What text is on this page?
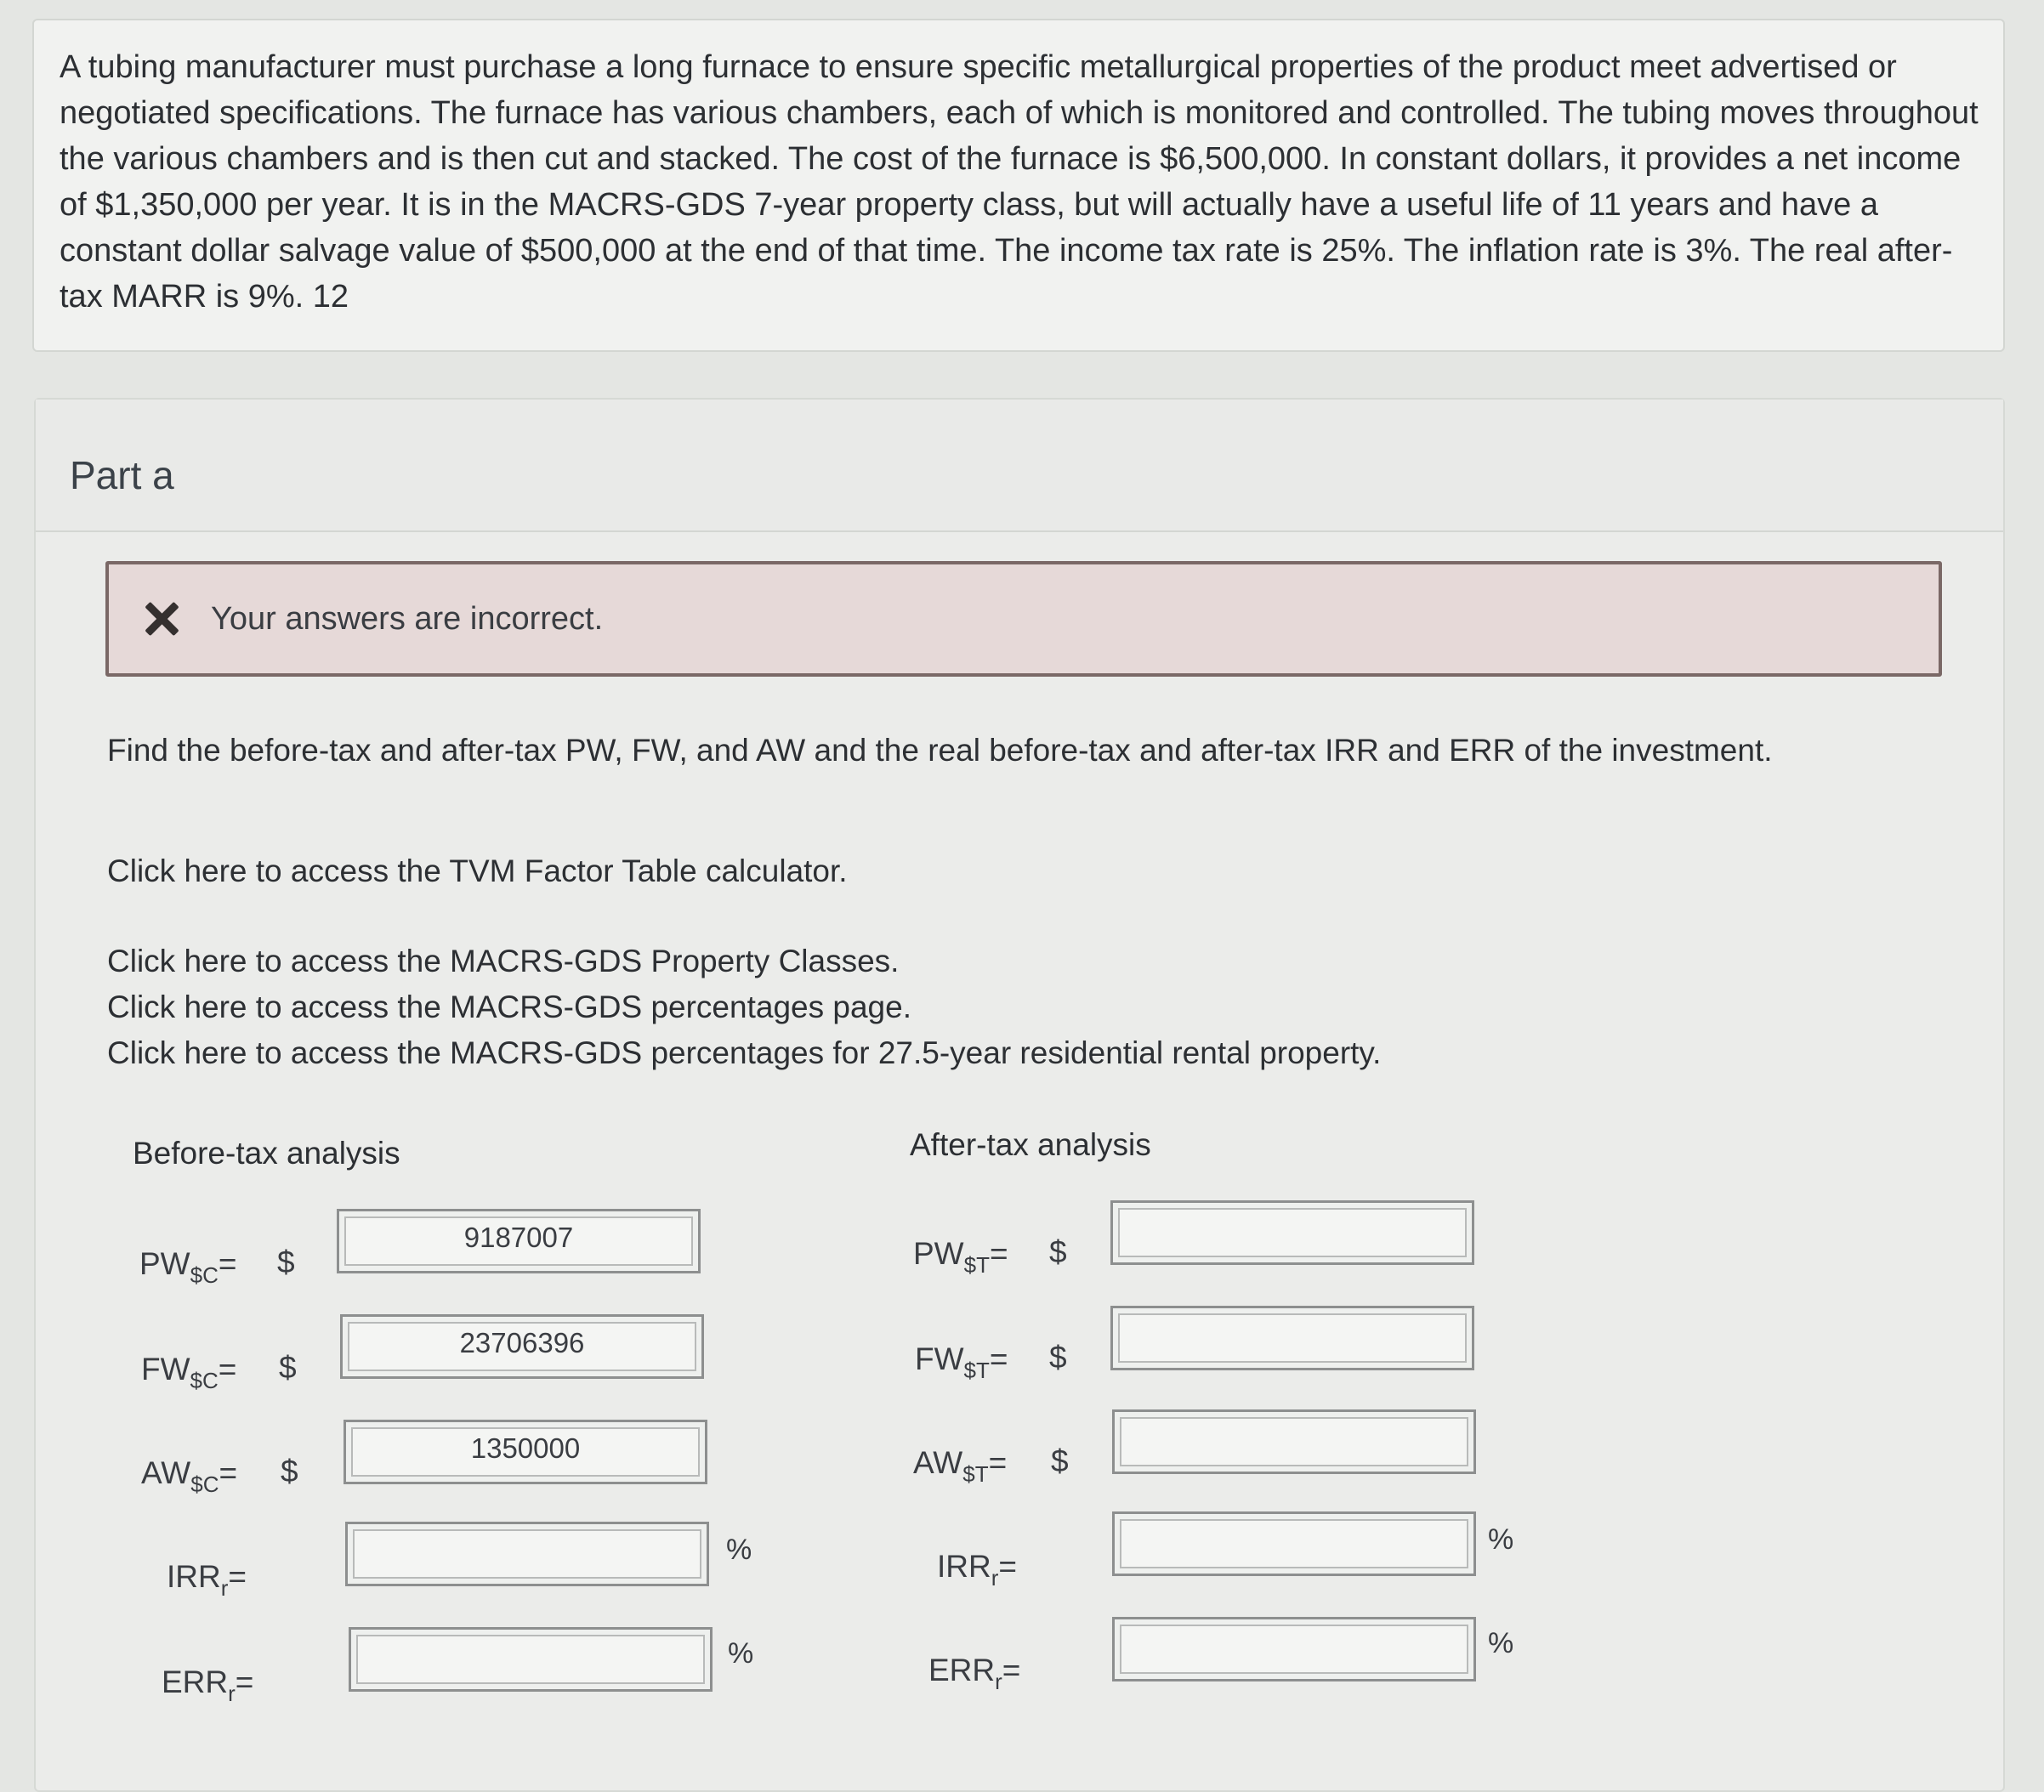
A tubing manufacturer must purchase a long furnace to ensure specific metallurgical properties of the product meet advertised or negotiated specifications. The furnace has various chambers, each of which is monitored and controlled. The tubing moves throughout the various chambers and is then cut and stacked. The cost of the furnace is $6,500,000. In constant dollars, it provides a net income of $1,350,000 per year. It is in the MACRS-GDS 7-year property class, but will actually have a useful life of 11 years and have a constant dollar salvage value of $500,000 at the end of that time. The income tax rate is 25%. The inflation rate is 3%. The real after-tax MARR is 9%. 12

Part a
Your answers are incorrect.
Find the before-tax and after-tax PW, FW, and AW and the real before-tax and after-tax IRR and ERR of the investment.
Click here to access the TVM Factor Table calculator.
Click here to access the MACRS-GDS Property Classes.
Click here to access the MACRS-GDS percentages page.
Click here to access the MACRS-GDS percentages for 27.5-year residential rental property.
Before-tax analysis
$PW_{\$C}=$ $
9187007
$FW_{\$C}=$ $
23706396
$AW_{\$C}=$ $
1350000
$IRR_r=$
%
$ERR_r=$
%
After-tax analysis
$PW_{\$T}=$ $
$FW_{\$T}=$ $
$AW_{\$T}=$ $
$IRR_r=$
%
$ERR_r=$
%
